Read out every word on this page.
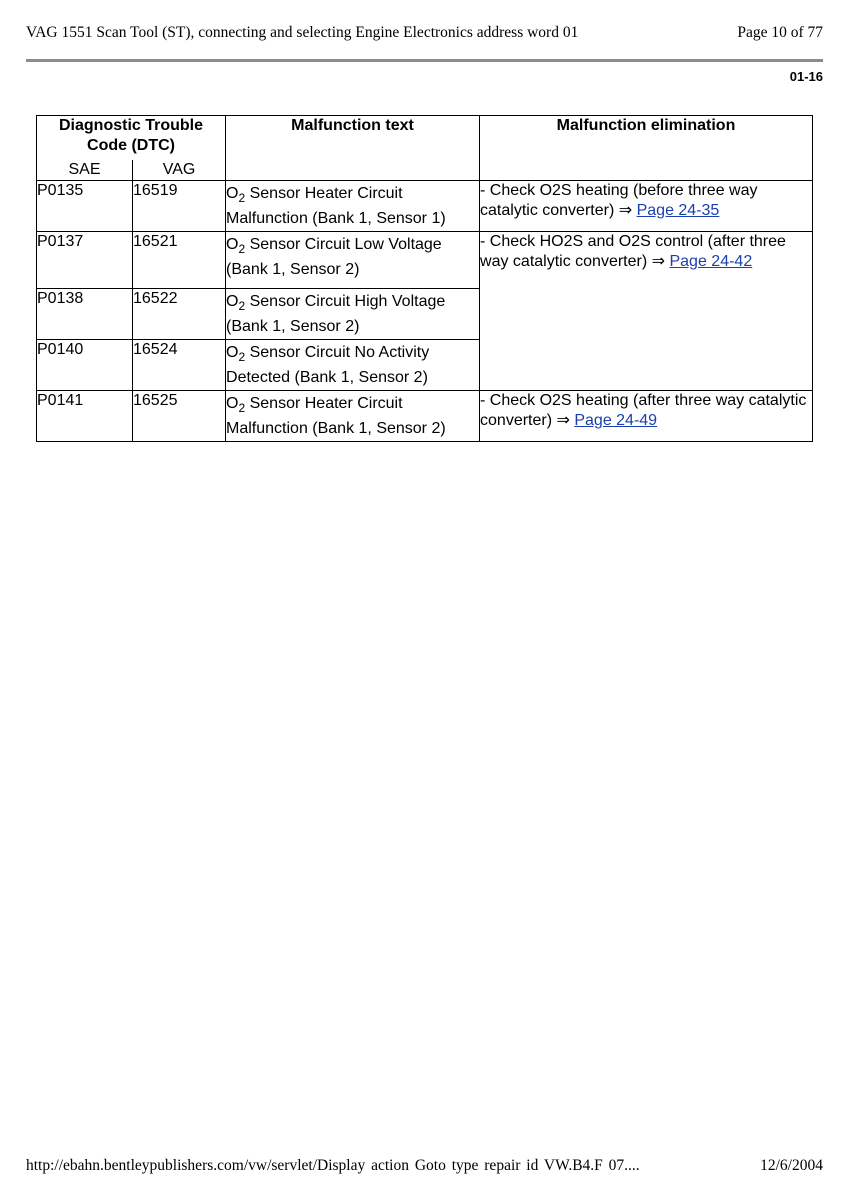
VAG 1551 Scan Tool (ST), connecting and selecting Engine Electronics address word 01	Page 10 of 77
01-16
Diagnostic Trouble Code (DTC)		Malfunction text	Malfunction elimination
SAE	VAG		
P0135	16519	$O_2$ Sensor Heater Circuit Malfunction (Bank 1, Sensor 1)	- Check O2S heating (before three way catalytic converter) ⇒ Page 24-35
P0137	16521	$O_2$ Sensor Circuit Low Voltage (Bank 1, Sensor 2)	- Check HO2S and O2S control (after three way catalytic converter) ⇒ Page 24-42
P0138	16522	$O_2$ Sensor Circuit High Voltage (Bank 1, Sensor 2)	
P0140	16524	$O_2$ Sensor Circuit No Activity Detected (Bank 1, Sensor 2)	
P0141	16525	$O_2$ Sensor Heater Circuit Malfunction (Bank 1, Sensor 2)	- Check O2S heating (after three way catalytic converter) ⇒ Page 24-49
http://ebahn.bentleypublishers.com/vw/servlet/Display action Goto type repair id VW.B4.F 07....	12/6/2004
